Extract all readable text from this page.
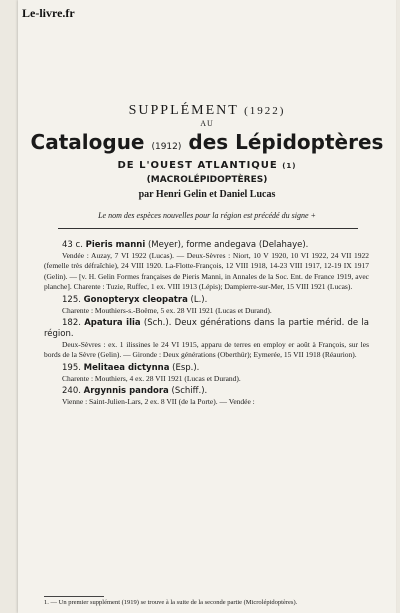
Le-livre.fr
SUPPLÉMENT (1922)
AU
Catalogue (1912) des Lépidoptères
DE L'OUEST ATLANTIQUE (1)
(MACROLÉPIDOPTÈRES)
par Henri Gelin et Daniel Lucas
Le nom des espèces nouvelles pour la région est précédé du signe +
43 c. Pieris manni (Meyer), forme andegava (Delahaye).

Vendée : Auzay, 7 VI 1922 (Lucas). — Deux-Sèvres : Niort, 10 V 1920, 10 VI 1922, 24 VII 1922 (femelle très défraîchie), 24 VIII 1920. La-Flotte-François, 12 VIII 1918, 14-23 VIII 1917, 12-19 IX 1917 (Gelin). — [v. H. Gelin Formes françaises de Pieris Manni, in Annales de la Soc. Ent. de France 1919, avec planche]. Charente : Tuzie, Ruffec, 1 ex. VIII 1913 (Lépis); Dampierre-sur-Mer, 15 VIII 1921 (Lucas).

125. Gonopteryx cleopatra (L.).

Charente : Mouthiers-s.-Boëme, 5 ex. 28 VII 1921 (Lucas et Durand).

182. Apatura ilia (Sch.). Deux générations dans la partie mérid. de la région.

Deux-Sèvres : ex. 1 ilissines le 24 VI 1915, apparu de terres en employ er août à François, sur les bords de la Sèvre (Gelin). — Gironde : Deux générations (Oberthür); Eymerée, 15 VII 1918 (Réaurion).

195. Melitaea dictynna (Esp.).

Charente : Mouthiers, 4 ex. 28 VII 1921 (Lucas et Durand).

240. Argynnis pandora (Schiff.).

Vienne : Saint-Julien-Lars, 2 ex. 8 VII (de la Porte). — Vendée :

1. — Un premier supplément (1919) se trouve à la suite de la seconde partie (Microlépidoptères).
